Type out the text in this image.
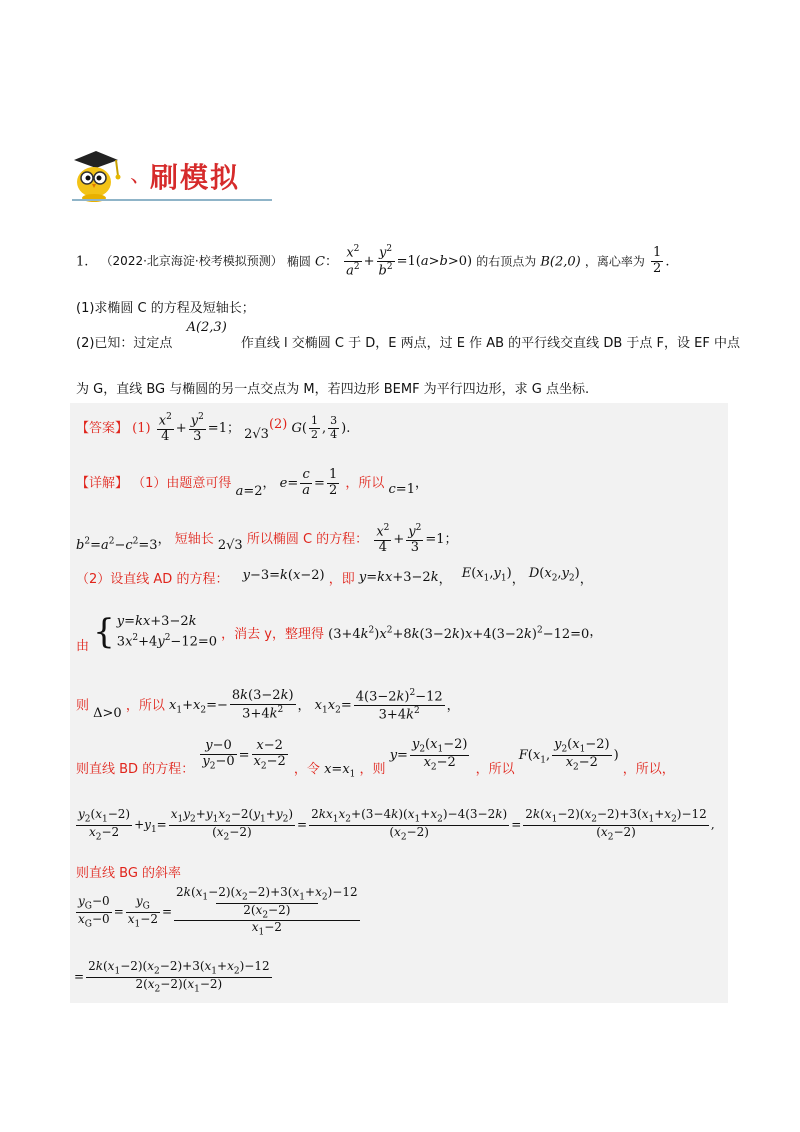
、
刷模拟
1. （2022·北京海淀·校考模拟预测） 椭圆 C： $\frac{x^2}{a^2} + \frac{y^2}{b^2} =1(a>b>0)$ 的右顶点为 B(2,0) ，离心率为 $\frac{1}{2}$ .
(1)求椭圆 C 的方程及短轴长；
(2)已知：过定点 A(2,3) 作直线 l 交椭圆 C 于 D，E 两点，过 E 作 AB 的平行线交直线 DB 于点 F，设 EF 中点
为 G，直线 BG 与椭圆的另一点交点为 M，若四边形 BEMF 为平行四边形，求 G 点坐标.
【答案】 $(1) \frac{x^2}{4} + \frac{y^2}{3} =1$； 2√3(2) $G( \frac{1}{2}$ , $\frac{3}{4}$ ).
【详解】 （1）由题意可得 a=2， $e= \frac{c}{a} = \frac{1}{2}$ ，所以 c=1，
$b^2=a^2-c^2=3$， 短轴长 2√3 所以椭圆 C 的方程： $\frac{x^2}{4} + \frac{y^2}{3} =1$；
（2）设直线 AD 的方程： y−3=k(x−2) ，即 y=kx+3−2k， $E(x_1,y_1)$， $D(x_2,y_2)$，
由 { y=kx+3−2k
$3x^2+4y^2-12=0$
，消去 y，整理得 $(3+4k^2)x^2+8k(3-2k)x+4(3-2k)^2-12=0$，
则 Δ>0 ，所以 $x_1+x_2=- \frac{8k(3-2k)}{3+4k^2}$ ， $x_1x_2= \frac{4(3-2k)^2-12}{3+4k^2}$ ，
则直线 BD 的方程： $\frac{y-0}{y_2-0} = \frac{x-2}{x_2-2}$ ，令 $x=x_1$ ，则 $y= \frac{y_2(x_1-2)}{x_2-2}$ ，所以 $F(x_1$, $\frac{y_2(x_1-2)}{x_2-2}$ ) ，所以，
$\frac{y_2(x_1-2)}{x_2-2} +y_1= \frac{x_1y_2+y_1x_2-2(y_1+y_2)}{(x_2-2)} = \frac{2kx_1x_2+(3-4k)(x_1+x_2)-4(3-2k)}{(x_2-2)} = \frac{2k(x_1-2)(x_2-2)+3(x_1+x_2)-12}{(x_2-2)}$ ,
则直线 BG 的斜率
$\frac{y_G-0}{x_G-0} = \frac{y_G}{x_1-2} = 2k(x_1-2)(x_2-2)+3(x_1+x_2)-12$
$2(x_2-2)$
$x_1-2$
= $\frac{2k(x_1-2)(x_2-2)+3(x_1+x_2)-12}{2(x_2-2)(x_1-2)}$
